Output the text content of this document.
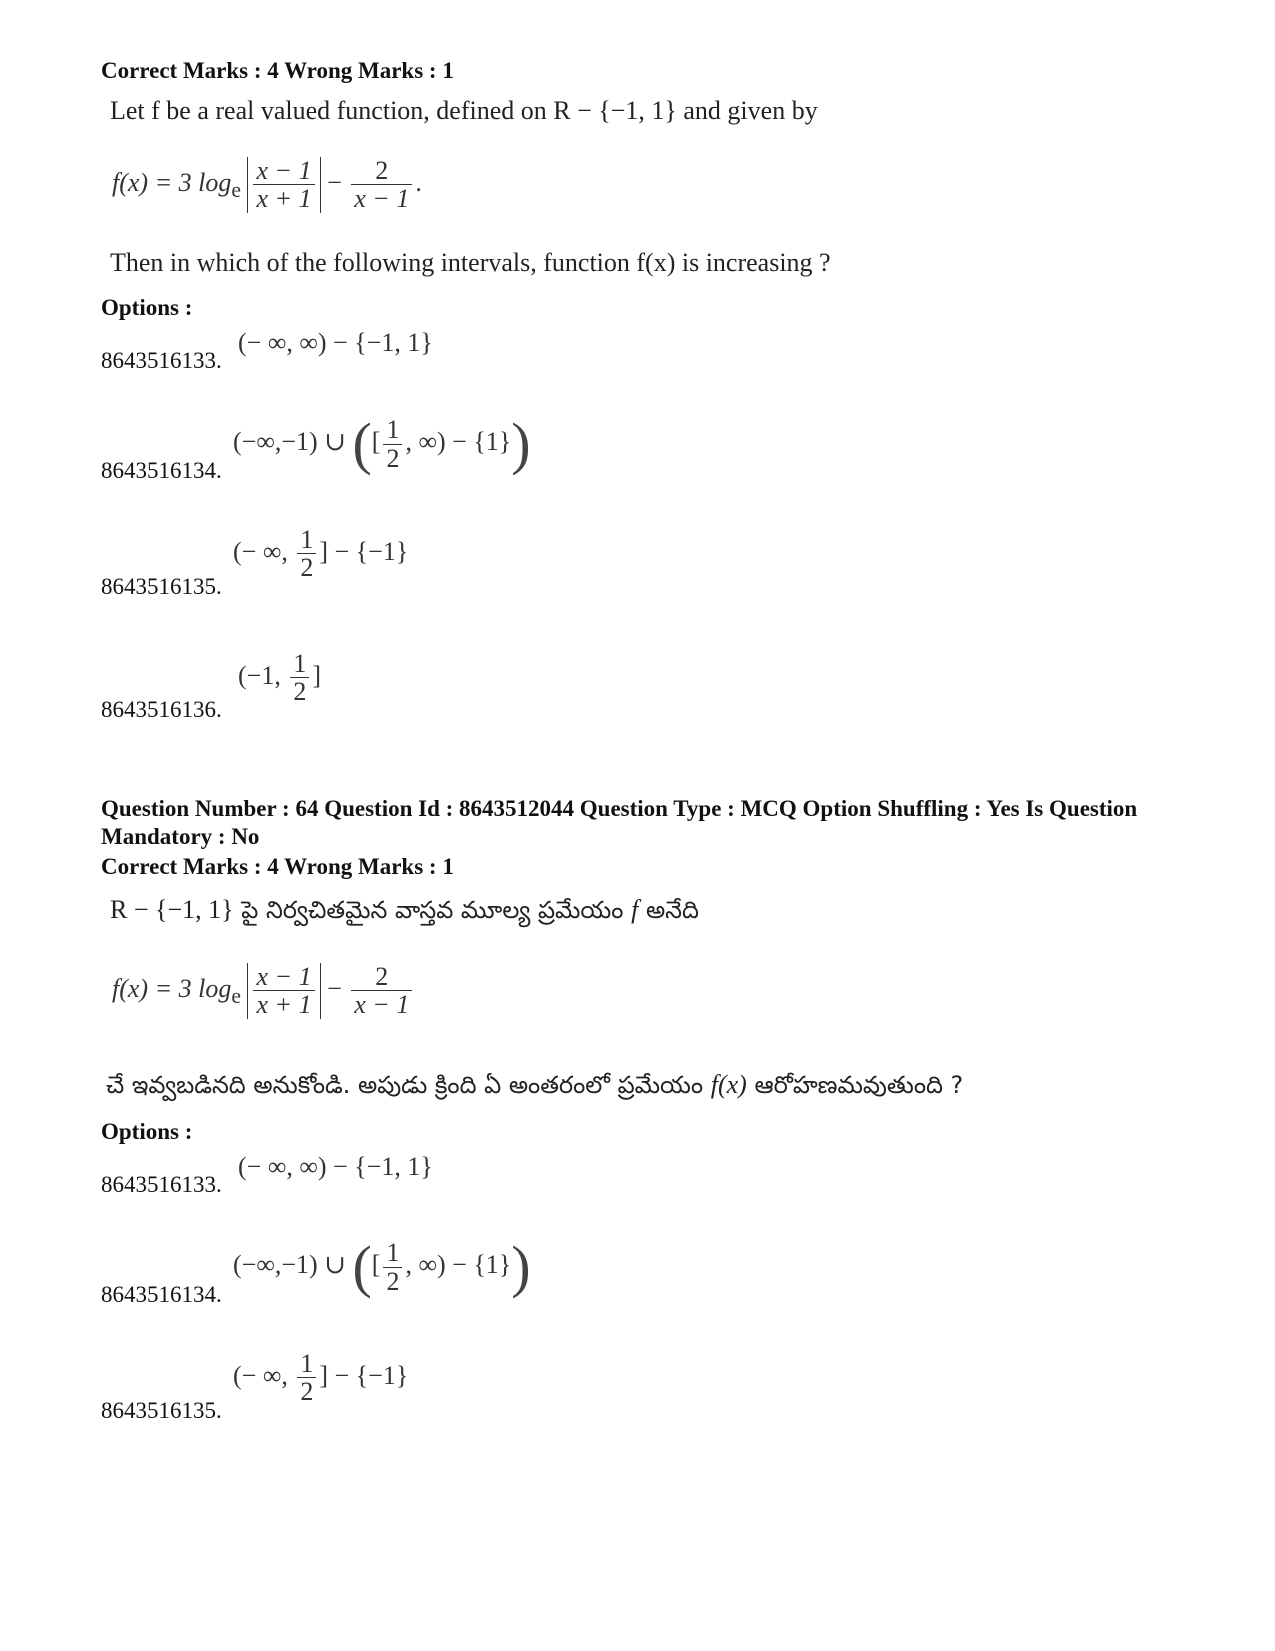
Correct Marks : 4 Wrong Marks : 1
Let f be a real valued function, defined on R − {−1, 1} and given by
f(x) = 3 $\log_e \frac{x - 1}{x + 1} - \frac{2}{x - 1}$ .
Then in which of the following intervals, function f(x) is increasing ?
Options :
(− ∞, ∞) − {−1, 1}
8643516133.
(−∞,−1) ∪ ([ $\frac{1}{2}$ , ∞) − {1})
8643516134.
(− ∞, $\frac{1}{2}$ ] − {−1}
8643516135.
(−1, $\frac{1}{2}$ ]
8643516136.
Question Number : 64 Question Id : 8643512044 Question Type : MCQ Option Shuffling : Yes Is Question Mandatory : No
Correct Marks : 4 Wrong Marks : 1
R − {−1, 1} పై నిర్వచితమైన వాస్తవ మూల్య ప్రమేయం f అనేది
f(x) = 3 $\log_e \frac{x - 1}{x + 1} - \frac{2}{x - 1}$
చే ఇవ్వబడినది అనుకోండి. అపుడు క్రింది ఏ అంతరంలో ప్రమేయం f(x) ఆరోహణమవుతుంది ?
Options :
(− ∞, ∞) − {−1, 1}
8643516133.
(−∞,−1) ∪ ([ $\frac{1}{2}$ , ∞) − {1})
8643516134.
(− ∞, $\frac{1}{2}$ ] − {−1}
8643516135.
